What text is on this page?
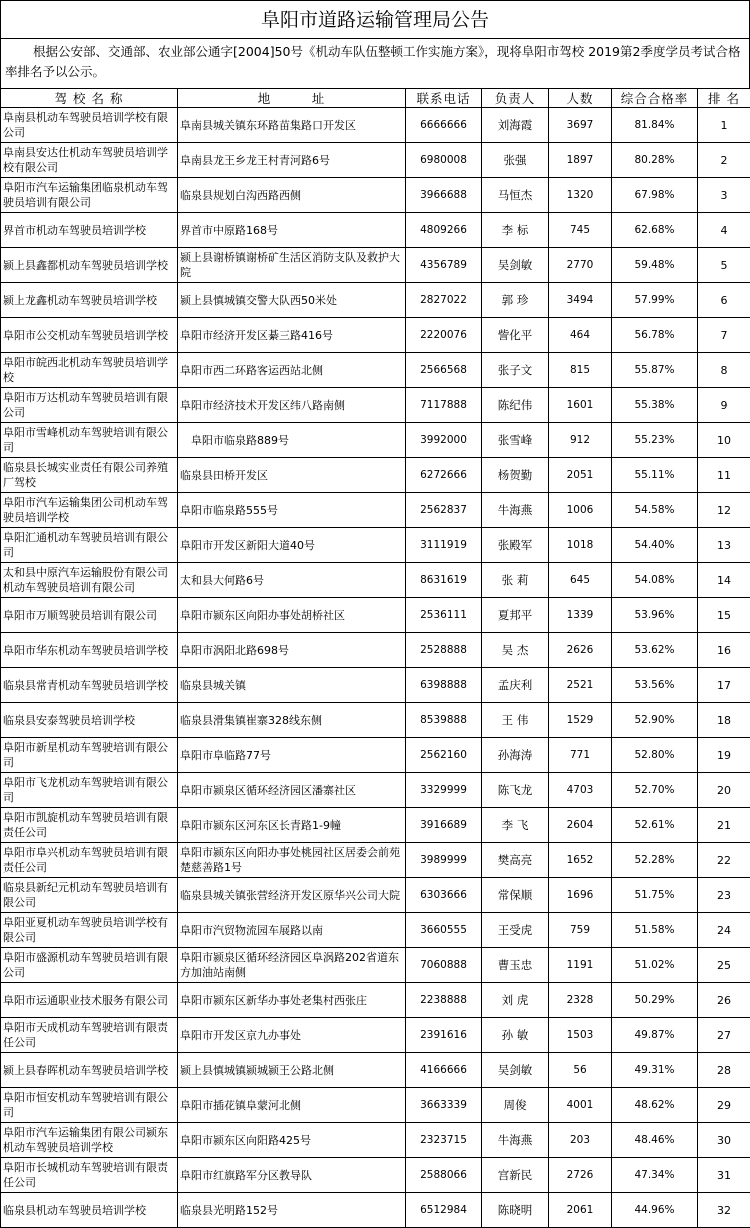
阜阳市道路运输管理局公告
根据公安部、交通部、农业部公通字[2004]50号《机动车队伍整顿工作实施方案》，现将阜阳市驾校 2019第2季度学员考试合格率排名予以公示。
驾 校 名 称	地　　　址	联系电话	负责人	人数	综合合格率	排 名
阜南县机动车驾驶员培训学校有限公司	阜南县城关镇东环路苗集路口开发区	6666666	刘海霞	3697	81.84%	1
阜南县安达仕机动车驾驶员培训学校有限公司	阜南县龙王乡龙王村青河路6号	6980008	张强	1897	80.28%	2
阜阳市汽车运输集团临泉机动车驾驶员培训有限公司	临泉县规划白沟西路西侧	3966688	马恒杰	1320	67.98%	3
界首市机动车驾驶员培训学校	界首市中原路168号	4809266	李 标	745	62.68%	4
颍上县鑫都机动车驾驶员培训学校	颍上县谢桥镇谢桥矿生活区消防支队及救护大院	4356789	吴剑敏	2770	59.48%	5
颍上龙鑫机动车驾驶员培训学校	颍上县慎城镇交警大队西50米处	2827022	郭 珍	3494	57.99%	6
阜阳市公交机动车驾驶员培训学校	阜阳市经济开发区綦三路416号	2220076	訾化平	464	56.78%	7
阜阳市皖西北机动车驾驶员培训学校	阜阳市西二环路客运西站北侧	2566568	张子文	815	55.87%	8
阜阳市万达机动车驾驶员培训有限公司	阜阳市经济技术开发区纬八路南侧	7117888	陈纪伟	1601	55.38%	9
阜阳市雪峰机动车驾驶培训有限公司	　阜阳市临泉路889号	3992000	张雪峰	912	55.23%	10
临泉县长城实业责任有限公司养殖厂驾校	临泉县田桥开发区	6272666	杨贺勤	2051	55.11%	11
阜阳市汽车运输集团公司机动车驾驶员培训学校	阜阳市临泉路555号	2562837	牛海燕	1006	54.58%	12
阜阳汇通机动车驾驶员培训有限公司	阜阳市开发区新阳大道40号	3111919	张殿军	1018	54.40%	13
太和县中原汽车运输股份有限公司机动车驾驶员培训有限公司	太和县大何路6号	8631619	张 莉	645	54.08%	14
阜阳市万顺驾驶员培训有限公司	阜阳市颍东区向阳办事处胡桥社区	2536111	夏邦平	1339	53.96%	15
阜阳市华东机动车驾驶员培训学校	阜阳市涡阳北路698号	2528888	吴 杰	2626	53.62%	16
临泉县常青机动车驾驶员培训学校	临泉县城关镇	6398888	孟庆利	2521	53.56%	17
临泉县安泰驾驶员培训学校	临泉县滑集镇崔寨328线东侧	8539888	王 伟	1529	52.90%	18
阜阳市新星机动车驾驶培训有限公司	阜阳市阜临路77号	2562160	孙海涛	771	52.80%	19
阜阳市飞龙机动车驾驶培训有限公司	阜阳市颍泉区循环经济园区潘寨社区	3329999	陈飞龙	4703	52.70%	20
阜阳市凯旋机动车驾驶员培训有限责任公司	阜阳市颍东区河东区长青路1-9幢	3916689	李 飞	2604	52.61%	21
阜阳市阜兴机动车驾驶员培训有限责任公司	阜阳市颍东区向阳办事处桃园社区居委会前苑楚慈善路1号	3989999	樊高亮	1652	52.28%	22
临泉县新纪元机动车驾驶员培训有限公司	临泉县城关镇张营经济开发区原华兴公司大院	6303666	常保顺	1696	51.75%	23
阜阳亚夏机动车驾驶员培训学校有限公司	阜阳市汽贸物流园车展路以南	3660555	王受虎	759	51.58%	24
阜阳市盛源机动车驾驶员培训有限公司	阜阳市颍泉区循环经济园区阜涡路202省道东方加油站南侧	7060888	曹玉忠	1191	51.02%	25
阜阳市运通职业技术服务有限公司	阜阳市颍东区新华办事处老集村西张庄	2238888	刘 虎	2328	50.29%	26
阜阳市天成机动车驾驶培训有限责任公司	阜阳市开发区京九办事处	2391616	孙 敏	1503	49.87%	27
颍上县春晖机动车驾驶员培训学校	颍上县慎城镇颍城颍王公路北侧	4166666	吴剑敏	56	49.31%	28
阜阳市恒安机动车驾驶培训有限公司	阜阳市插花镇阜蒙河北侧	3663339	周俊	4001	48.62%	29
阜阳市汽车运输集团有限公司颍东机动车驾驶员培训学校	阜阳市颍东区向阳路425号	2323715	牛海燕	203	48.46%	30
阜阳市长城机动车驾驶培训有限责任公司	阜阳市红旗路军分区教导队	2588066	宫新民	2726	47.34%	31
临泉县机动车驾驶员培训学校	临泉县光明路152号	6512984	陈晓明	2061	44.96%	32
